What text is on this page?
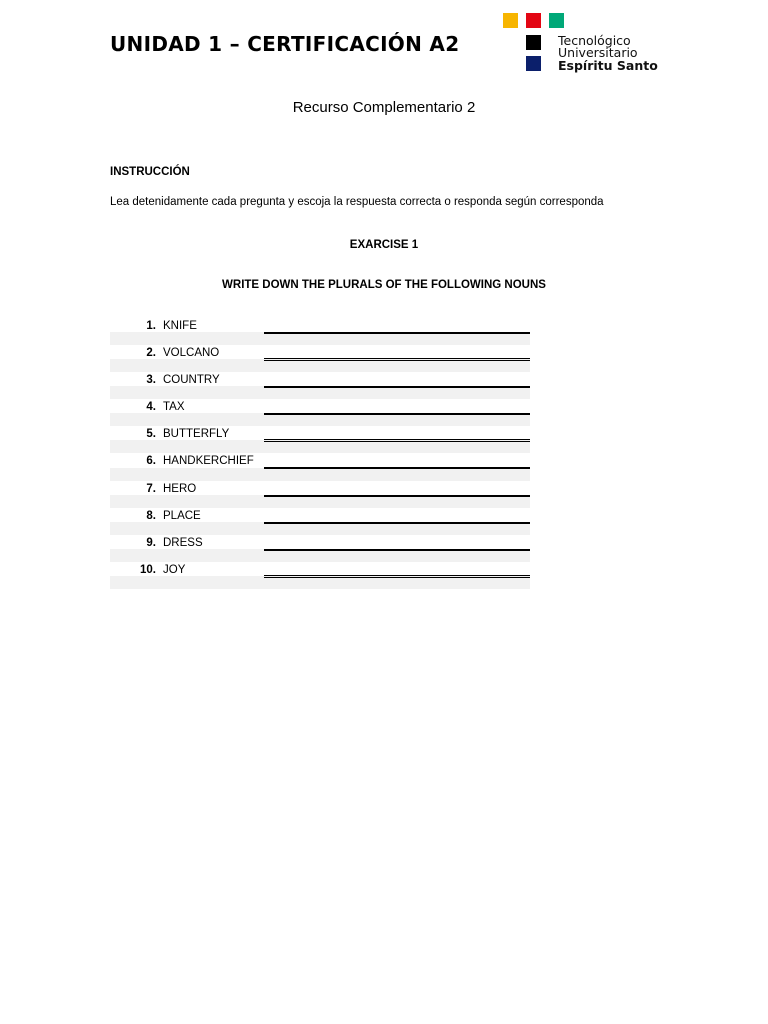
UNIDAD 1 – CERTIFICACIÓN A2	Tecnológico
Universitario
Espíritu Santo
Recurso Complementario 2
INSTRUCCIÓN
Lea detenidamente cada pregunta y escoja la respuesta correcta o responda según corresponda
EXARCISE 1
WRITE DOWN THE PLURALS OF THE FOLLOWING NOUNS
1. KNIFE
2. VOLCANO
3. COUNTRY
4. TAX
5. BUTTERFLY
6. HANDKERCHIEF
7. HERO
8. PLACE
9. DRESS
10. JOY
